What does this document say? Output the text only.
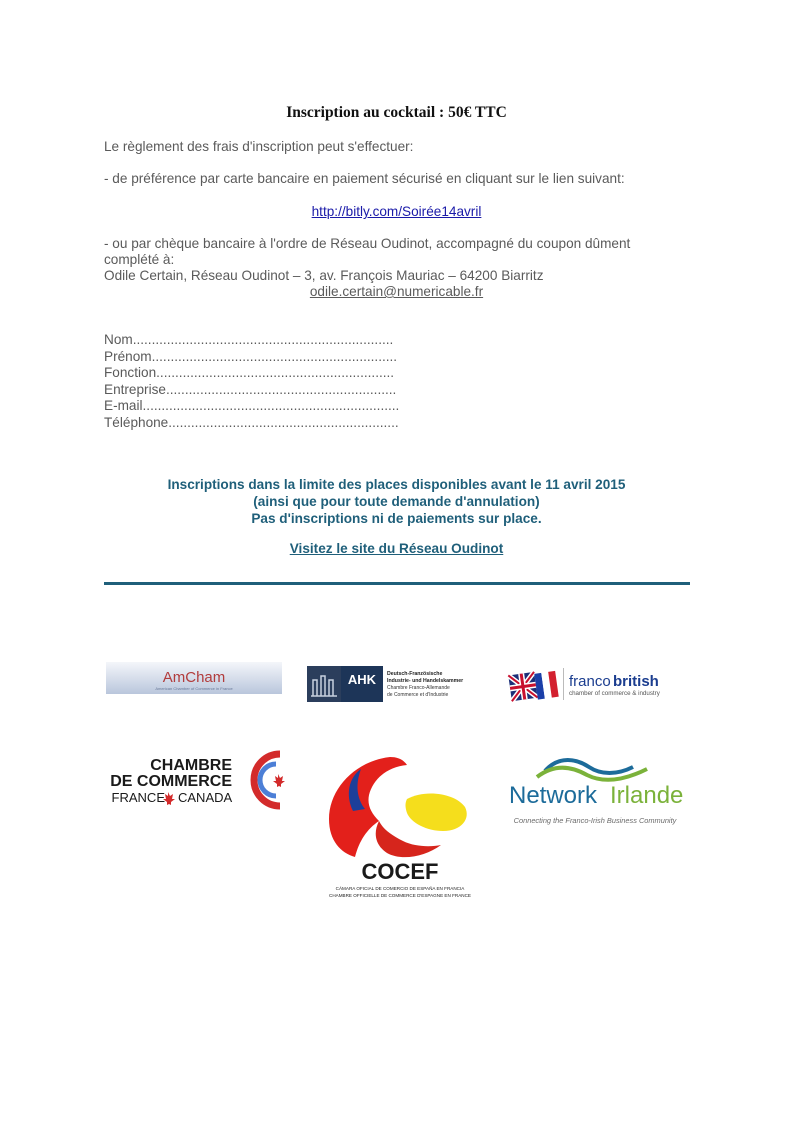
Inscription au cocktail : 50€ TTC
Le règlement des frais d'inscription peut s'effectuer:
- de préférence par carte bancaire en paiement sécurisé en cliquant sur le lien suivant:
http://bitly.com/Soirée14avril
- ou par chèque bancaire à l'ordre de Réseau Oudinot, accompagné du coupon dûment
complété à:
Odile Certain, Réseau Oudinot – 3, av. François Mauriac – 64200 Biarritz
odile.certain@numericable.fr
Nom.....................................................................
Prénom.................................................................
Fonction...............................................................
Entreprise.............................................................
E-mail....................................................................
Téléphone.............................................................
Inscriptions dans la limite des places disponibles avant le 11 avril 2015
(ainsi que pour toute demande d'annulation)
Pas d'inscriptions ni de paiements sur place.
Visitez le site du Réseau Oudinot
AmCham
American Chamber of Commerce in France
AHK Deutsch-Französische
Industrie- und Handelskammer
Chambre Franco-Allemande
de Commerce et d'Industrie
franco british
chamber of commerce & industry
CHAMBRE
DE COMMERCE
FRANCE CANADA
COCEF
CÁMARA OFICIAL DE COMERCIO DE ESPAÑA EN FRANCIA
CHAMBRE OFFICIELLE DE COMMERCE D'ESPAGNE EN FRANCE
Network Irlande
Connecting the Franco-Irish Business Community
